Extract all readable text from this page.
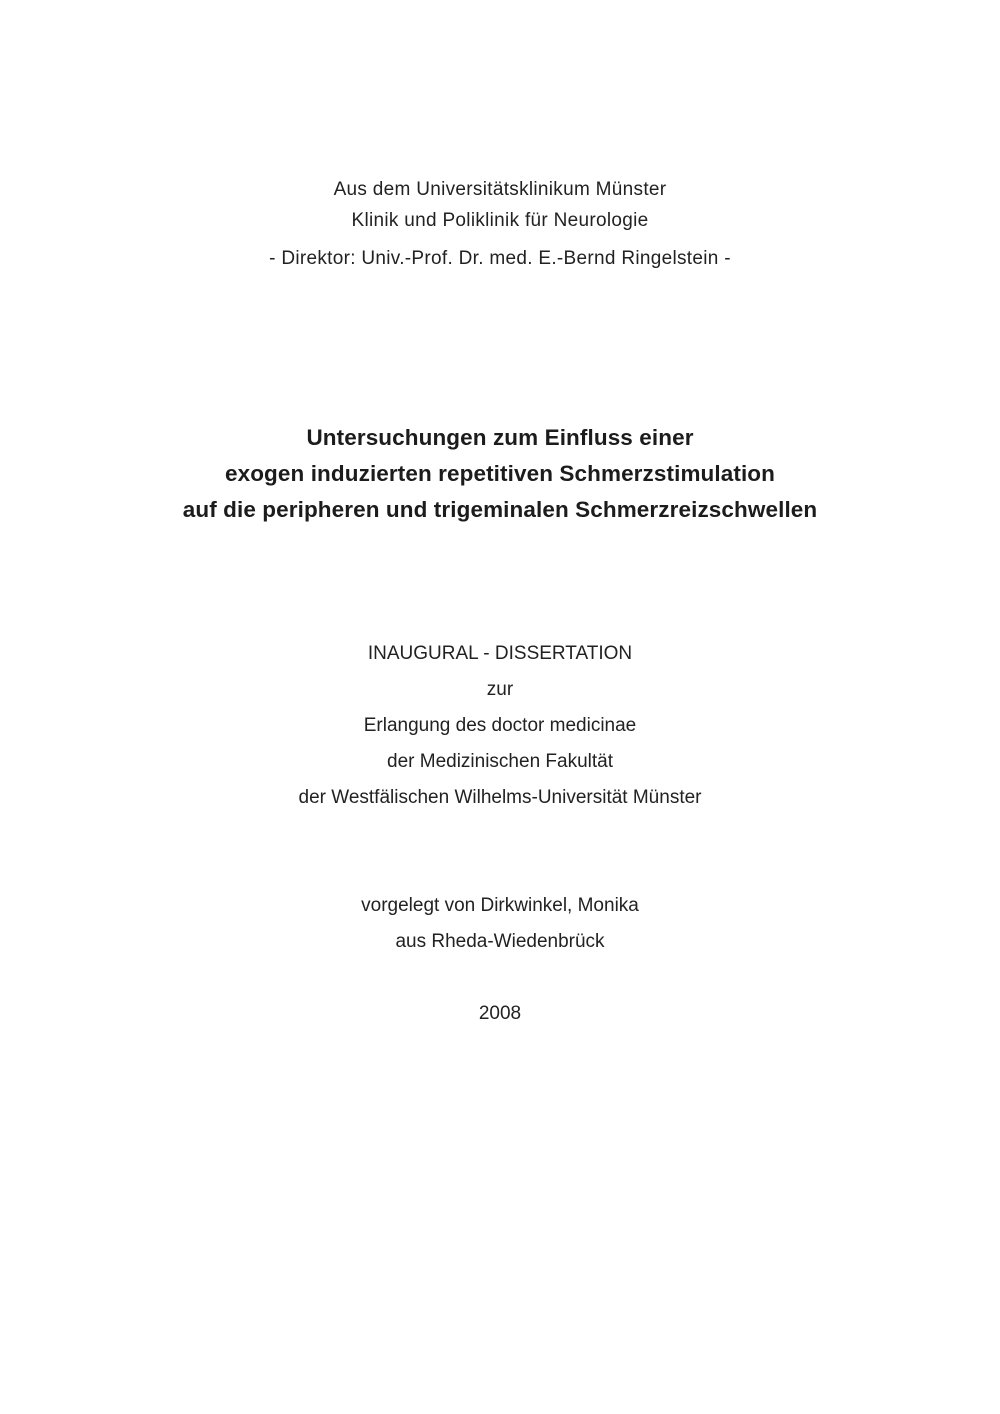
Aus dem Universitätsklinikum Münster
Klinik und Poliklinik für Neurologie
- Direktor: Univ.-Prof. Dr. med. E.-Bernd Ringelstein -
Untersuchungen zum Einfluss einer
exogen induzierten repetitiven Schmerzstimulation
auf die peripheren und trigeminalen Schmerzreizschwellen
INAUGURAL - DISSERTATION
zur
Erlangung des doctor medicinae
der Medizinischen Fakultät
der Westfälischen Wilhelms-Universität Münster
vorgelegt von Dirkwinkel, Monika
aus Rheda-Wiedenbrück
2008
